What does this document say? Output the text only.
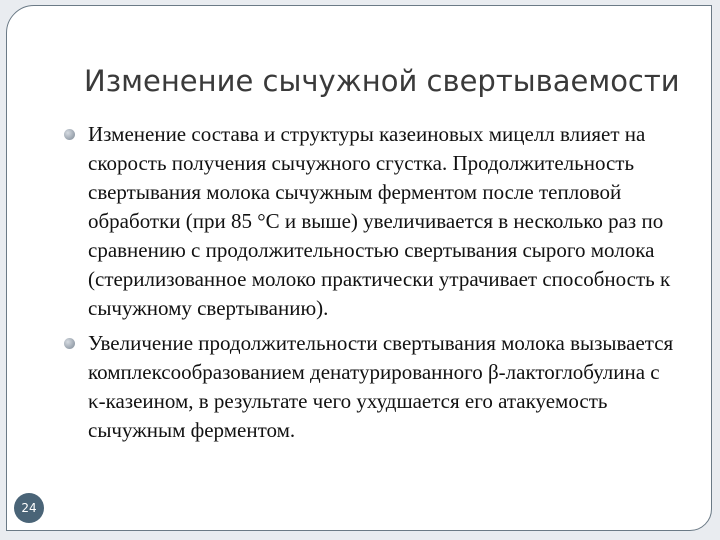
Изменение сычужной свертываемости
Изменение состава и структуры казеиновых мицелл влияет на скорость получения сычужного сгустка. Продолжительность свертывания молока сычужным ферментом после тепловой обработки (при 85 °С и выше) увеличивается в несколько раз по сравнению с продолжительностью свертывания сырого молока (стерилизованное молоко практически утрачивает способность к сычужному свертыванию).
Увеличение продолжительности свертывания молока вызывается комплексообразованием денатурированного β-лактоглобулина с κ-казеином, в результате чего ухудшается его атакуемость сычужным ферментом.
24
